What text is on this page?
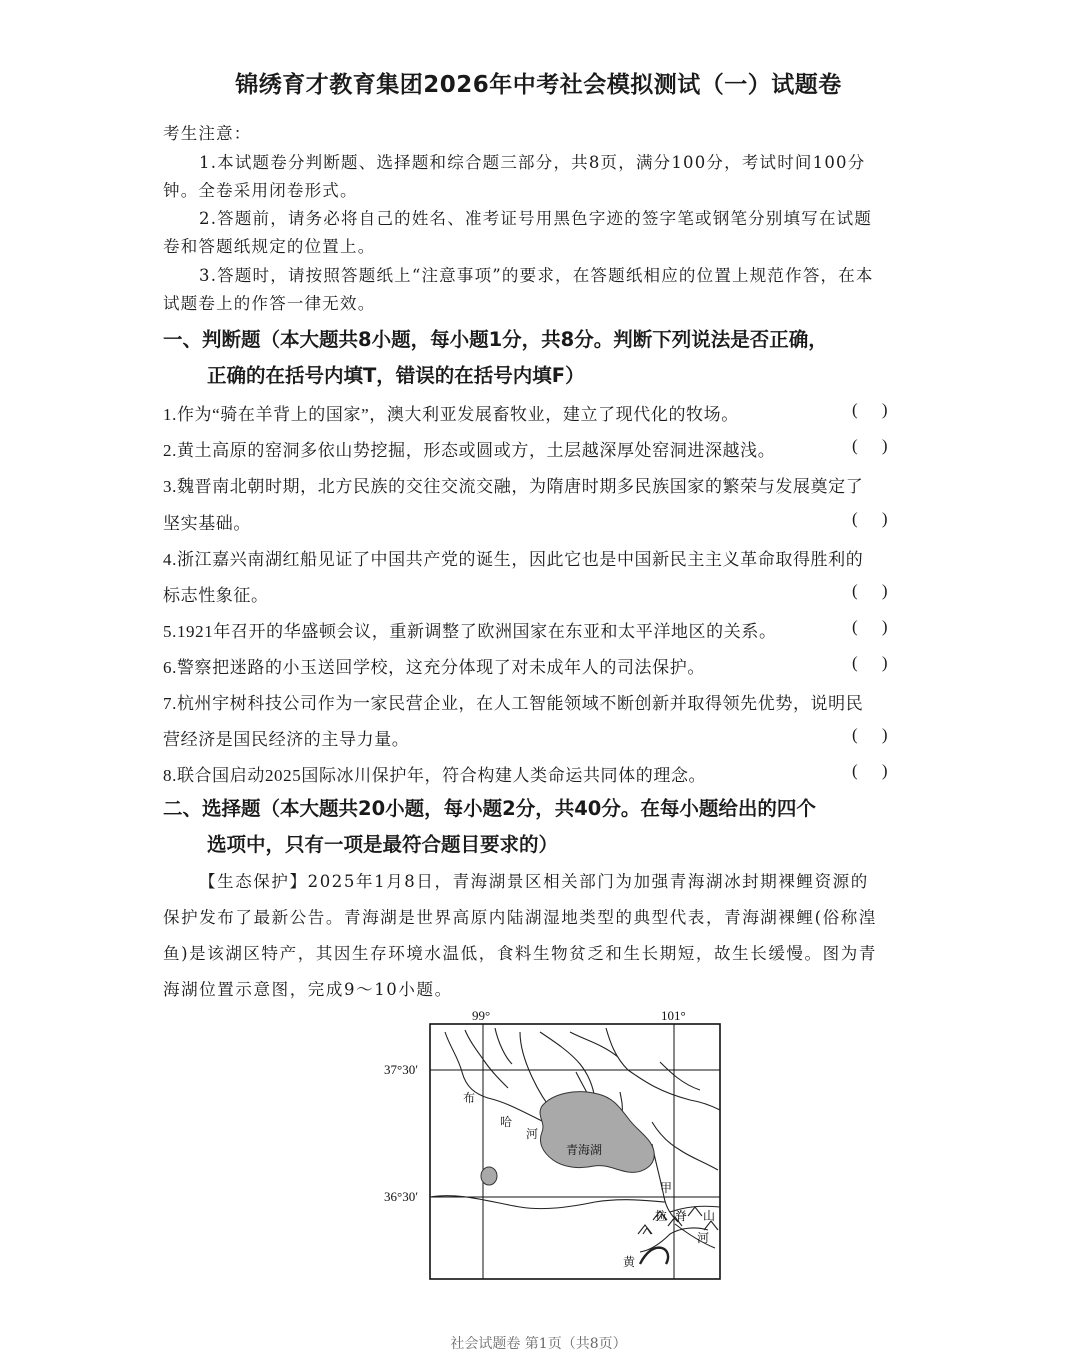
锦绣育才教育集团2026年中考社会模拟测试（一）试题卷
考生注意：
1.本试题卷分判断题、选择题和综合题三部分，共8页，满分100分，考试时间100分
钟。全卷采用闭卷形式。
2.答题前，请务必将自己的姓名、准考证号用黑色字迹的签字笔或钢笔分别填写在试题
卷和答题纸规定的位置上。
3.答题时，请按照答题纸上“注意事项”的要求，在答题纸相应的位置上规范作答，在本
试题卷上的作答一律无效。
一、判断题（本大题共8小题，每小题1分，共8分。判断下列说法是否正确，
正确的在括号内填T，错误的在括号内填F）
1.作为“骑在羊背上的国家”，澳大利亚发展畜牧业，建立了现代化的牧场。	( )
2.黄土高原的窑洞多依山势挖掘，形态或圆或方，土层越深厚处窑洞进深越浅。	( )
3.魏晋南北朝时期，北方民族的交往交流交融，为隋唐时期多民族国家的繁荣与发展奠定了
坚实基础。	( )
4.浙江嘉兴南湖红船见证了中国共产党的诞生，因此它也是中国新民主主义革命取得胜利的
标志性象征。	( )
5.1921年召开的华盛顿会议，重新调整了欧洲国家在东亚和太平洋地区的关系。	( )
6.警察把迷路的小玉送回学校，这充分体现了对未成年人的司法保护。	( )
7.杭州宇树科技公司作为一家民营企业，在人工智能领域不断创新并取得领先优势，说明民
营经济是国民经济的主导力量。	( )
8.联合国启动2025国际冰川保护年，符合构建人类命运共同体的理念。	( )
二、选择题（本大题共20小题，每小题2分，共40分。在每小题给出的四个
选项中，只有一项是最符合题目要求的）
【生态保护】2025年1月8日，青海湖景区相关部门为加强青海湖冰封期裸鲤资源的
保护发布了最新公告。青海湖是世界高原内陆湖湿地类型的典型代表，青海湖裸鲤(俗称湟
鱼)是该湖区特产，其因生存环境水温低，食料生物贫乏和生长期短，故生长缓慢。图为青
海湖位置示意图，完成9～10小题。
99°	101°
37°30′
36°30′
青海湖
布
哈
河
甲
拉 脊 山
河
黄
社会试题卷 第1页（共8页）
